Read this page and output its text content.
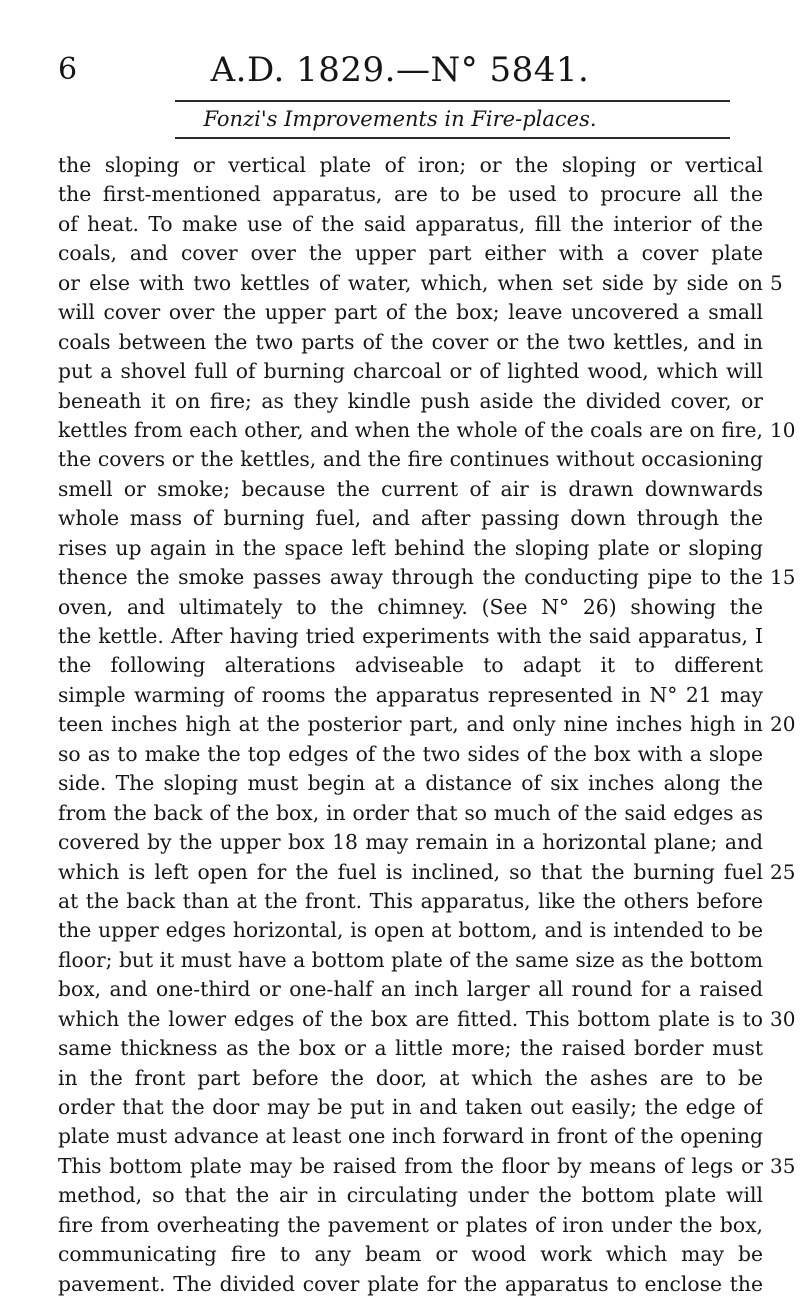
6	A.D. 1829.—N° 5841.
Fonzi's Improvements in Fire-places.
the sloping or vertical plate of iron; or the sloping or vertical
the first-mentioned apparatus, are to be used to procure all the
of heat. To make use of the said apparatus, fill the interior of the
coals, and cover over the upper part either with a cover plate
or else with two kettles of water, which, when set side by side on 5
will cover over the upper part of the box; leave uncovered a small
coals between the two parts of the cover or the two kettles, and in
put a shovel full of burning charcoal or of lighted wood, which will
beneath it on fire; as they kindle push aside the divided cover, or
kettles from each other, and when the whole of the coals are on fire, 10
the covers or the kettles, and the fire continues without occasioning
smell or smoke; because the current of air is drawn downwards
whole mass of burning fuel, and after passing down through the
rises up again in the space left behind the sloping plate or sloping
thence the smoke passes away through the conducting pipe to the 15
oven, and ultimately to the chimney. (See N° 26) showing the
the kettle. After having tried experiments with the said apparatus, I
the following alterations adviseable to adapt it to different
simple warming of rooms the apparatus represented in N° 21 may
teen inches high at the posterior part, and only nine inches high in 20
so as to make the top edges of the two sides of the box with a slope
side. The sloping must begin at a distance of six inches along the
from the back of the box, in order that so much of the said edges as
covered by the upper box 18 may remain in a horizontal plane; and
which is left open for the fuel is inclined, so that the burning fuel 25
at the back than at the front. This apparatus, like the others before
the upper edges horizontal, is open at bottom, and is intended to be
floor; but it must have a bottom plate of the same size as the bottom
box, and one-third or one-half an inch larger all round for a raised
which the lower edges of the box are fitted. This bottom plate is to 30
same thickness as the box or a little more; the raised border must
in the front part before the door, at which the ashes are to be
order that the door may be put in and taken out easily; the edge of
plate must advance at least one inch forward in front of the opening
This bottom plate may be raised from the floor by means of legs or 35
method, so that the air in circulating under the bottom plate will
fire from overheating the pavement or plates of iron under the box,
communicating fire to any beam or wood work which may be
pavement. The divided cover plate for the apparatus to enclose the
